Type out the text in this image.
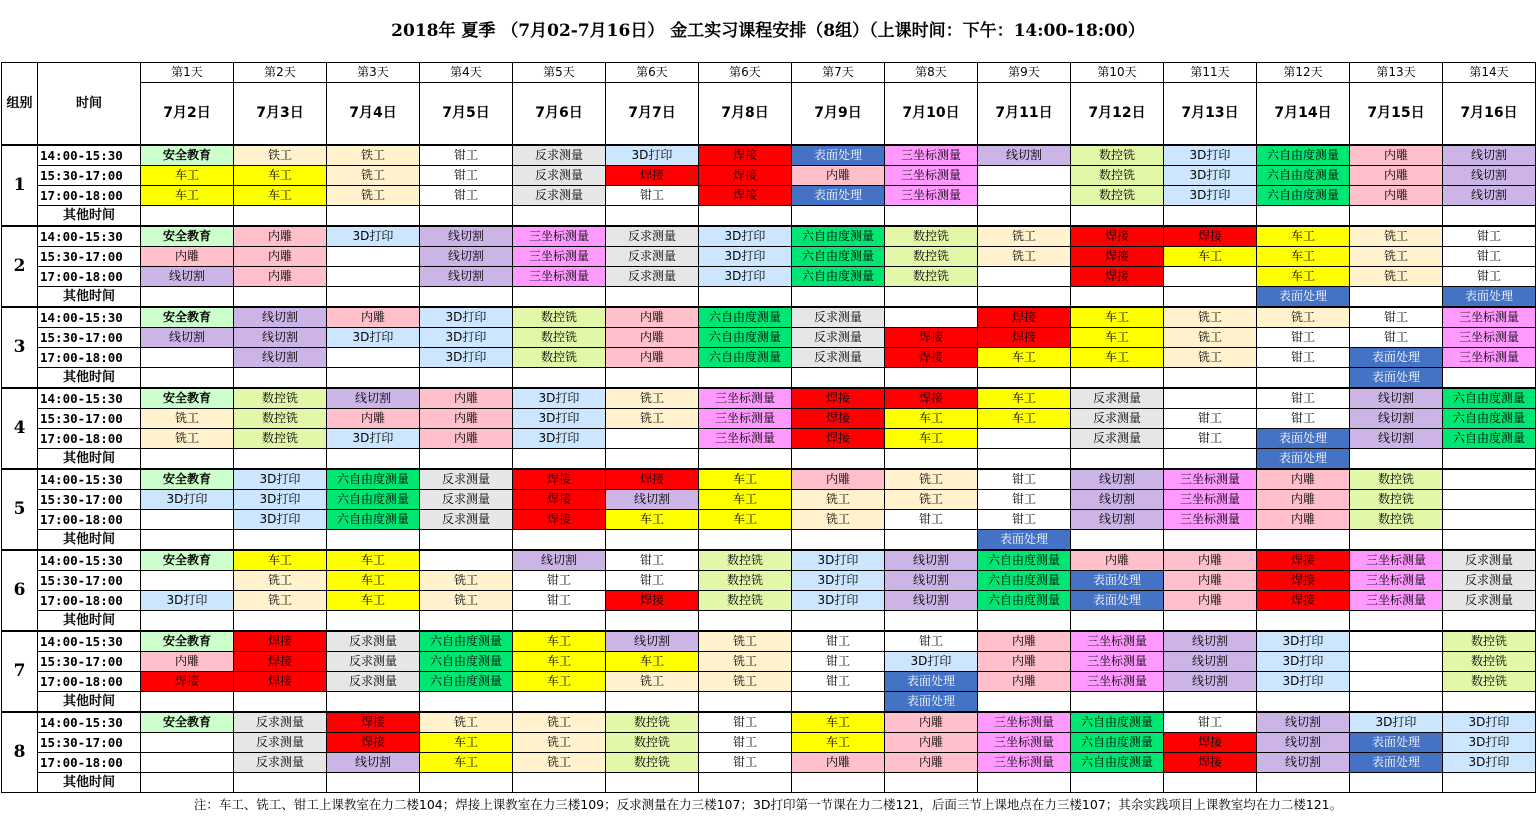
2018年 夏季 （7月02-7月16日） 金工实习课程安排（8组）（上课时间：下午：14:00-18:00）
组别	时间	第1天	第2天	第3天	第4天	第5天	第6天	第6天	第7天	第8天	第9天	第10天	第11天	第12天	第13天	第14天
		7月2日	7月3日	7月4日	7月5日	7月6日	7月7日	7月8日	7月9日	7月10日	7月11日	7月12日	7月13日	7月14日	7月15日	7月16日
1	14:00-15:30	安全教育	铁工	铁工	钳工	反求测量	3D打印	焊接	表面处理	三坐标测量	线切割	数控铣	3D打印	六自由度测量	内雕	线切割
	15:30-17:00	车工	车工	铣工	钳工	反求测量	焊接	焊接	内雕	三坐标测量		数控铣	3D打印	六自由度测量	内雕	线切割
	17:00-18:00	车工	车工	铣工	钳工	反求测量	钳工	焊接	表面处理	三坐标测量		数控铣	3D打印	六自由度测量	内雕	线切割
	其他时间															
2	14:00-15:30	安全教育	内雕	3D打印	线切割	三坐标测量	反求测量	3D打印	六自由度测量	数控铣	铣工	焊接	焊接	车工	铣工	钳工
	15:30-17:00	内雕	内雕		线切割	三坐标测量	反求测量	3D打印	六自由度测量	数控铣	铣工	焊接	车工	车工	铣工	钳工
	17:00-18:00	线切割	内雕		线切割	三坐标测量	反求测量	3D打印	六自由度测量	数控铣		焊接		车工	铣工	钳工
	其他时间													表面处理		表面处理
3	14:00-15:30	安全教育	线切割	内雕	3D打印	数控铣	内雕	六自由度测量	反求测量		焊接	车工	铣工	铣工	钳工	三坐标测量
	15:30-17:00	线切割	线切割	3D打印	3D打印	数控铣	内雕	六自由度测量	反求测量	焊接	焊接	车工	铣工	钳工	钳工	三坐标测量
	17:00-18:00		线切割		3D打印	数控铣	内雕	六自由度测量	反求测量	焊接	车工	车工	铣工	钳工	表面处理	三坐标测量
	其他时间														表面处理	
4	14:00-15:30	安全教育	数控铣	线切割	内雕	3D打印	铣工	三坐标测量	焊接	焊接	车工	反求测量		钳工	线切割	六自由度测量
	15:30-17:00	铣工	数控铣	内雕	内雕	3D打印	铣工	三坐标测量	焊接	车工	车工	反求测量	钳工	钳工	线切割	六自由度测量
	17:00-18:00	铣工	数控铣	3D打印	内雕	3D打印		三坐标测量	焊接	车工		反求测量	钳工	表面处理	线切割	六自由度测量
	其他时间													表面处理		
5	14:00-15:30	安全教育	3D打印	六自由度测量	反求测量	焊接	焊接	车工	内雕	铣工	钳工	线切割	三坐标测量	内雕	数控铣	
	15:30-17:00	3D打印	3D打印	六自由度测量	反求测量	焊接	线切割	车工	铣工	铣工	钳工	线切割	三坐标测量	内雕	数控铣	
	17:00-18:00		3D打印	六自由度测量	反求测量	焊接	车工	车工	铣工	钳工	钳工	线切割	三坐标测量	内雕	数控铣	
	其他时间										表面处理					
6	14:00-15:30	安全教育	车工	车工		线切割	钳工	数控铣	3D打印	线切割	六自由度测量	内雕	内雕	焊接	三坐标测量	反求测量
	15:30-17:00		铣工	车工	铣工	钳工	钳工	数控铣	3D打印	线切割	六自由度测量	表面处理	内雕	焊接	三坐标测量	反求测量
	17:00-18:00	3D打印	铣工	车工	铣工	钳工	焊接	数控铣	3D打印	线切割	六自由度测量	表面处理	内雕	焊接	三坐标测量	反求测量
	其他时间															
7	14:00-15:30	安全教育	焊接	反求测量	六自由度测量	车工	线切割	铣工	钳工	钳工	内雕	三坐标测量	线切割	3D打印		数控铣
	15:30-17:00	内雕	焊接	反求测量	六自由度测量	车工	车工	铣工	钳工	3D打印	内雕	三坐标测量	线切割	3D打印		数控铣
	17:00-18:00	焊接	焊接	反求测量	六自由度测量	车工	铣工	铣工	钳工	表面处理	内雕	三坐标测量	线切割	3D打印		数控铣
	其他时间									表面处理						
8	14:00-15:30	安全教育	反求测量	焊接	铣工	铣工	数控铣	钳工	车工	内雕	三坐标测量	六自由度测量	钳工	线切割	3D打印	3D打印
	15:30-17:00		反求测量	焊接	车工	铣工	数控铣	钳工	车工	内雕	三坐标测量	六自由度测量	焊接	线切割	表面处理	3D打印
	17:00-18:00		反求测量	线切割	车工	铣工	数控铣	钳工	内雕	内雕	三坐标测量	六自由度测量	焊接	线切割	表面处理	3D打印
	其他时间															
注：车工、铣工、钳工上课教室在力二楼104；焊接上课教室在力三楼109；反求测量在力三楼107；3D打印第一节课在力二楼121，后面三节上课地点在力三楼107；其余实践项目上课教室均在力二楼121。
